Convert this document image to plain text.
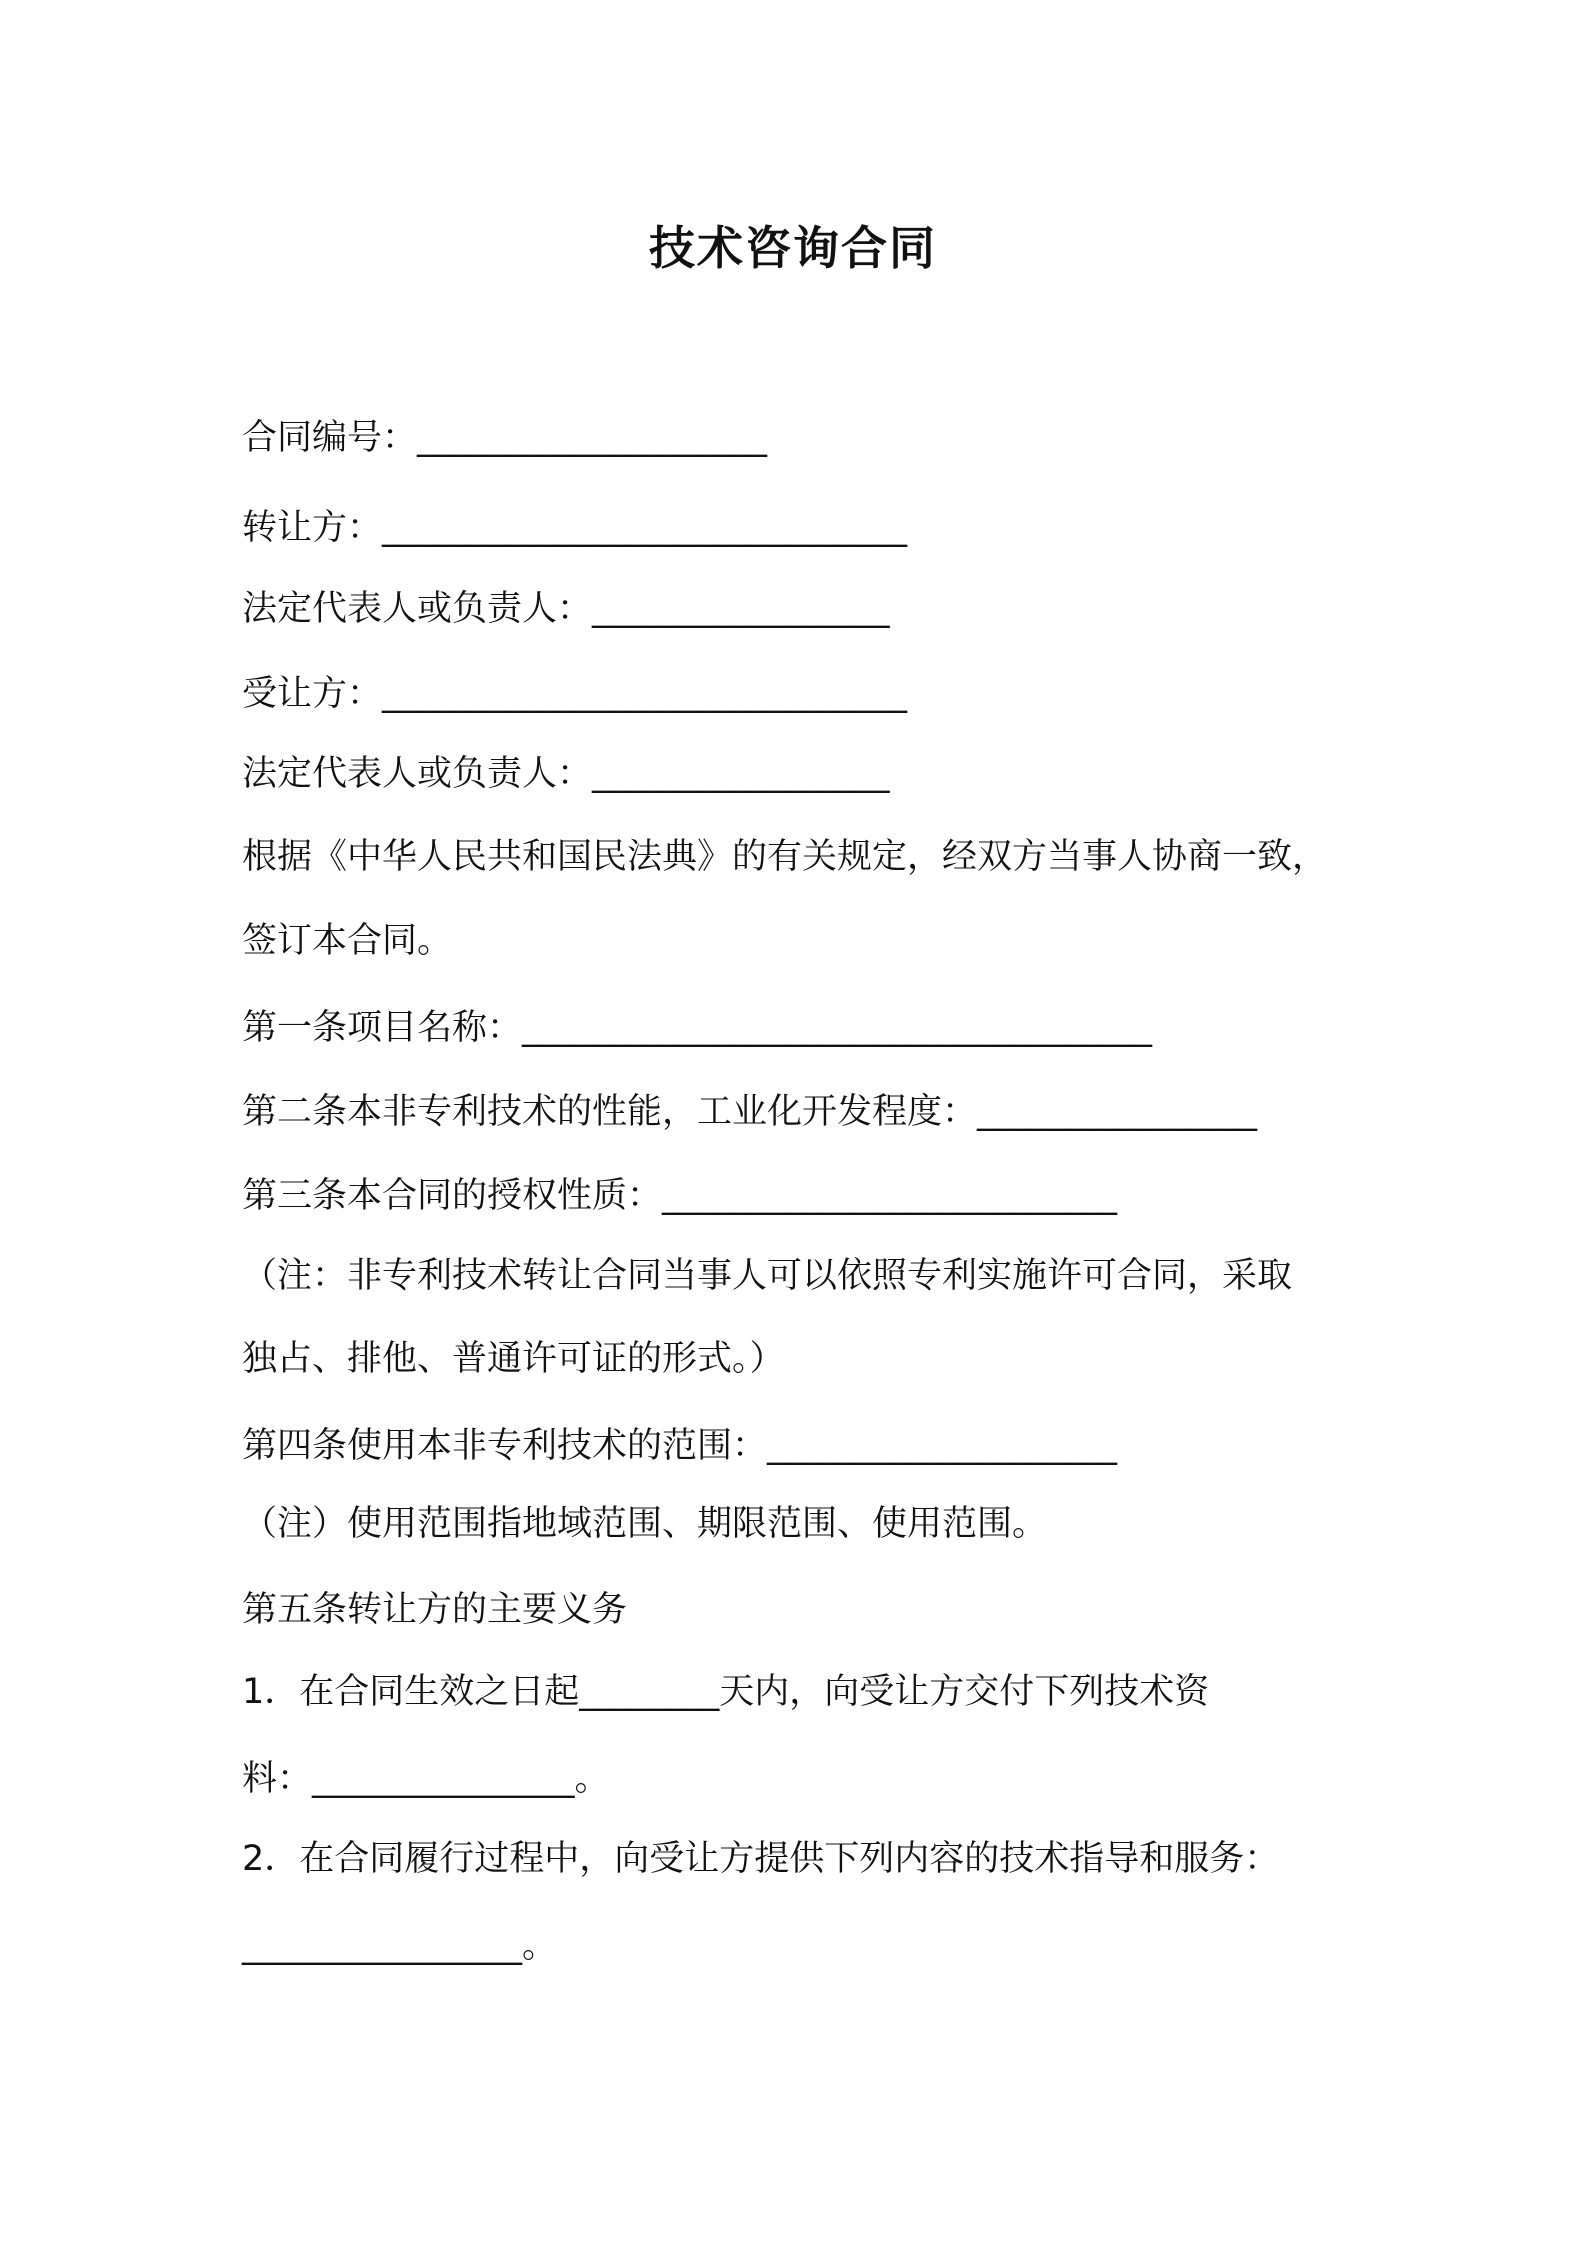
技术咨询合同
合同编号：____________________
转让方：______________________________
法定代表人或负责人：_________________
受让方：______________________________
法定代表人或负责人：_________________
根据《中华人民共和国民法典》的有关规定，经双方当事人协商一致，
签订本合同。
第一条项目名称：____________________________________
第二条本非专利技术的性能，工业化开发程度：________________
第三条本合同的授权性质：__________________________
（注：非专利技术转让合同当事人可以依照专利实施许可合同，采取
独占、排他、普通许可证的形式。）
第四条使用本非专利技术的范围：____________________
（注）使用范围指地域范围、期限范围、使用范围。
第五条转让方的主要义务
1．在合同生效之日起________天内，向受让方交付下列技术资
料：_______________。
2．在合同履行过程中，向受让方提供下列内容的技术指导和服务：
________________。
